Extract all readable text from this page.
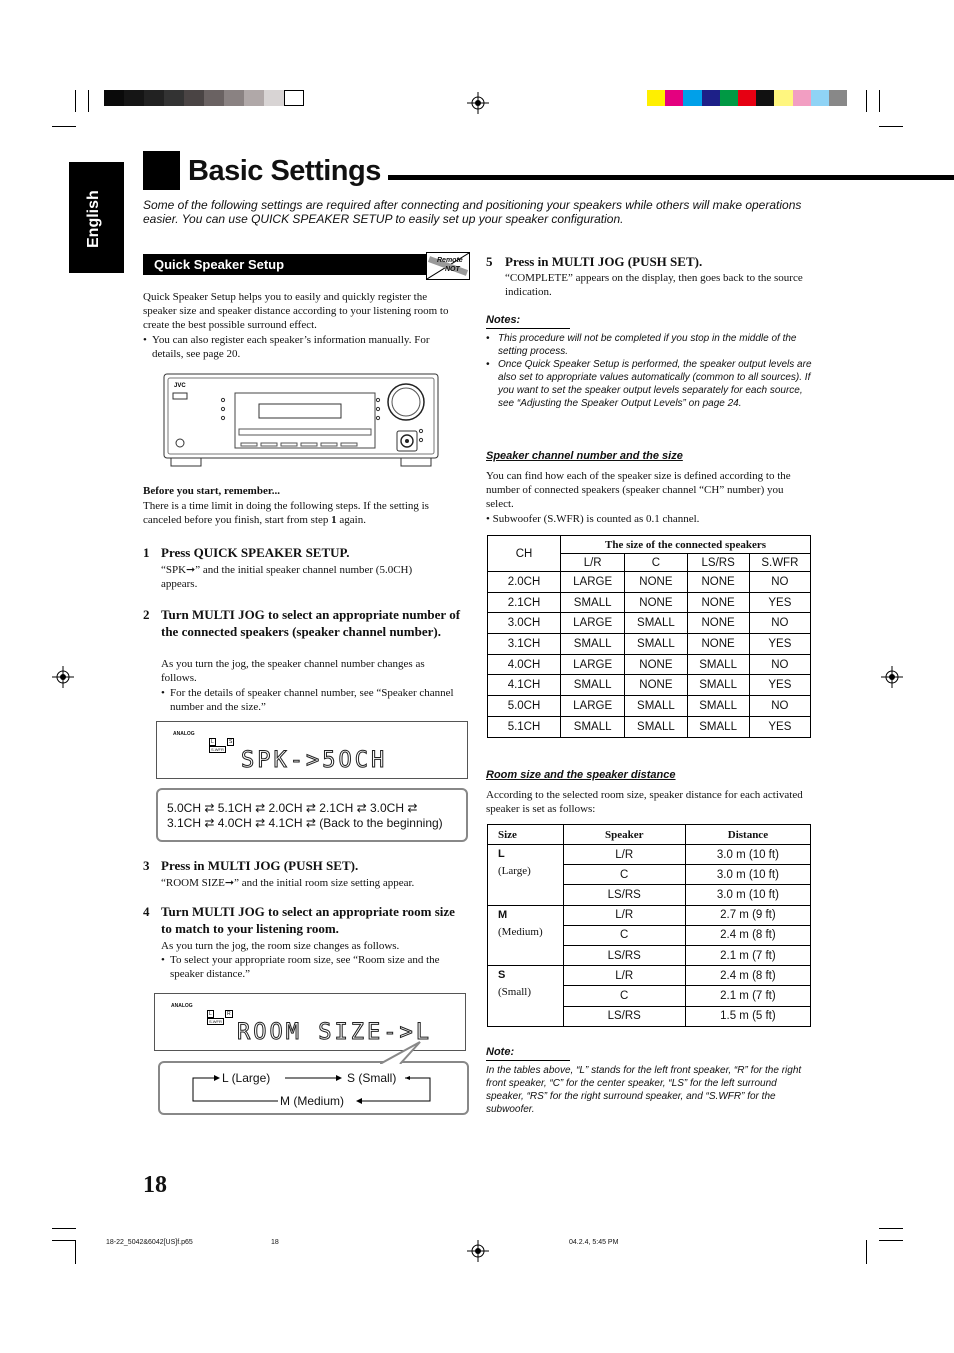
Basic Settings
English	Some of the following settings are required after connecting and positioning your speakers while others will make operations easier. You can use QUICK SPEAKER SETUP to easily set up your speaker configuration.
Quick Speaker Setup	Remote
NOT
Quick Speaker Setup helps you to easily and quickly register the speaker size and speaker distance according to your listening room to create the best possible surround effect.
• You can also register each speaker’s information manually. For details, see page 20.
JVC
Before you start, remember...
There is a time limit in doing the following steps. If the setting is canceled before you finish, start from step 1 again.
1 Press QUICK SPEAKER SETUP.
“SPK➞” and the initial speaker channel number (5.0CH) appears.
2 Turn MULTI JOG to select an appropriate number of the connected speakers (speaker channel number).
As you turn the jog, the speaker channel number changes as follows.
• For the details of speaker channel number, see “Speaker channel number and the size.”
ANALOG
L	S
S.WFR SPK->5OCH
5.0CH ⇄ 5.1CH ⇄ 2.0CH ⇄ 2.1CH ⇄ 3.0CH ⇄
3.1CH ⇄ 4.0CH ⇄ 4.1CH ⇄ (Back to the beginning)
3 Press in MULTI JOG (PUSH SET).
“ROOM SIZE➞” and the initial room size setting appear.
4 Turn MULTI JOG to select an appropriate room size to match to your listening room.
As you turn the jog, the room size changes as follows.
• To select your appropriate room size, see “Room size and the speaker distance.”
ANALOG
L	R
S.WFR ROOM SIZE->L
L (Large)	S (Small)
M (Medium)
5 Press in MULTI JOG (PUSH SET).
“COMPLETE” appears on the display, then goes back to the source indication.
Notes:
• This procedure will not be completed if you stop in the middle of the setting process.
• Once Quick Speaker Setup is performed, the speaker output levels are also set to appropriate values automatically (common to all sources). If you want to set the speaker output levels separately for each source, see “Adjusting the Speaker Output Levels” on page 24.
Speaker channel number and the size
You can find how each of the speaker size is defined according to the number of connected speakers (speaker channel “CH” number) you select.
• Subwoofer (S.WFR) is counted as 0.1 channel.
CH	The size of the connected speakers			
	L/R	C	LS/RS	S.WFR
2.0CH	LARGE	NONE	NONE	NO
2.1CH	SMALL	NONE	NONE	YES
3.0CH	LARGE	SMALL	NONE	NO
3.1CH	SMALL	SMALL	NONE	YES
4.0CH	LARGE	NONE	SMALL	NO
4.1CH	SMALL	NONE	SMALL	YES
5.0CH	LARGE	SMALL	SMALL	NO
5.1CH	SMALL	SMALL	SMALL	YES
Room size and the speaker distance
According to the selected room size, speaker distance for each activated speaker is set as follows:
Size	Speaker	Distance

L
(Large)	L/R	3.0 m (10 ft)
	C	3.0 m (10 ft)
	LS/RS	3.0 m (10 ft)

M
(Medium)	L/R	2.7 m (9 ft)
	C	2.4 m (8 ft)
	LS/RS	2.1 m (7 ft)

S
(Small)	L/R	2.4 m (8 ft)
	C	2.1 m (7 ft)
	LS/RS	1.5 m (5 ft)
Note:
In the tables above, “L” stands for the left front speaker, “R” for the right front speaker, “C” for the center speaker, “LS” for the left surround speaker, “RS” for the right surround speaker, and “S.WFR” for the subwoofer.
18
18-22_5042&6042[US]f.p65	18	04.2.4, 5:45 PM
